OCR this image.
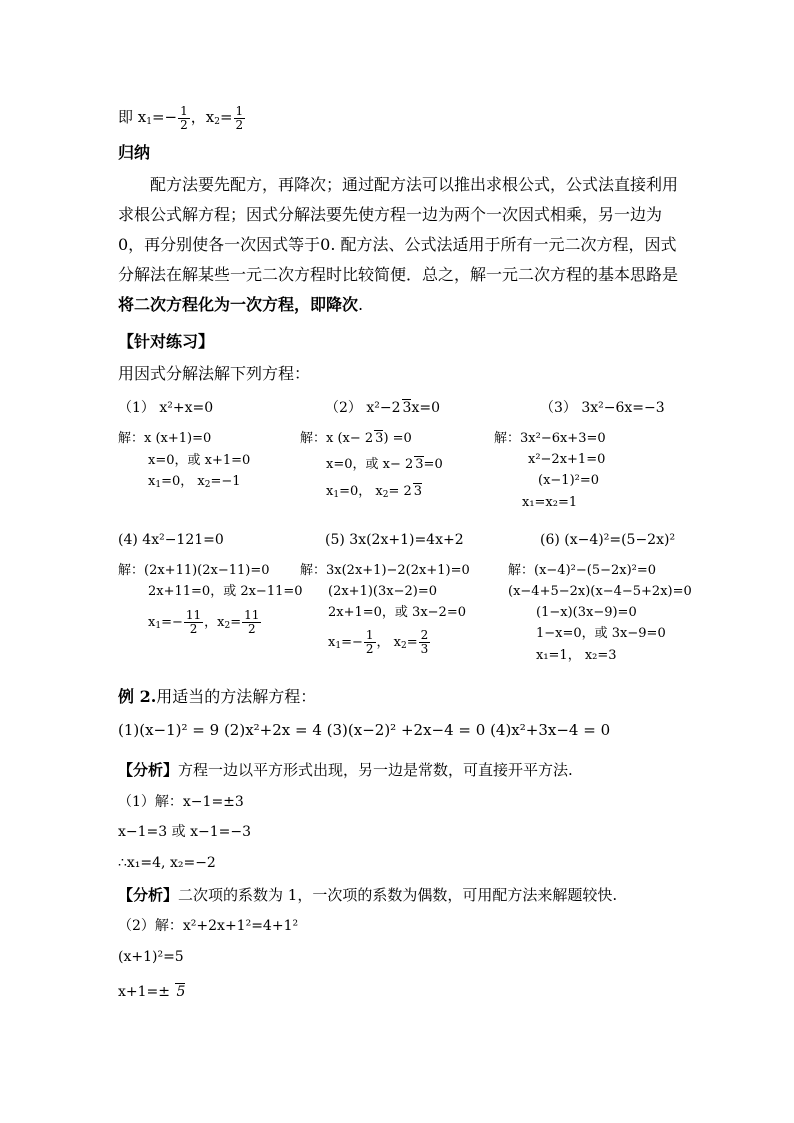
即 $x_1=- \frac{1}{2}$ ，$x_2= \frac{1}{2}$
归纳
配方法要先配方，再降次；通过配方法可以推出求根公式，公式法直接利用求根公式解方程；因式分解法要先使方程一边为两个一次因式相乘，另一边为0，再分别使各一次因式等于0. 配方法、公式法适用于所有一元二次方程，因式分解法在解某些一元二次方程时比较简便．总之，解一元二次方程的基本思路是将二次方程化为一次方程，即降次.
【针对练习】
用因式分解法解下列方程：
（1） x²+x=0
解：x (x+1)=0
x=0，或 x+1=0
$x_1=0$， $x_2=-1$
（2） x²−2 3x=0
解：x (x− 2 3) =0
x=0，或 x− 2 3=0
$x_1=0$， $x_2= 2$ 3
（3） 3x²−6x=−3
解：3x²−6x+3=0
x²−2x+1=0
(x−1)²=0
x₁=x₂=1
(4) 4x²−121=0
解：(2x+11)(2x−11)=0
2x+11=0，或 2x−11=0
$x_1=- \frac{11}{2}$ ，$x_2= \frac{11}{2}$
(5) 3x(2x+1)=4x+2
解：3x(2x+1)−2(2x+1)=0
(2x+1)(3x−2)=0
2x+1=0，或 3x−2=0
$x_1=- \frac{1}{2}$ ， $x_2= \frac{2}{3}$
(6) (x−4)²=(5−2x)²
解：(x−4)²−(5−2x)²=0
(x−4+5−2x)(x−4−5+2x)=0
(1−x)(3x−9)=0
1−x=0，或 3x−9=0
x₁=1， x₂=3
例 2.用适当的方法解方程：
(1)(x−1)² = 9 (2)x²+2x = 4 (3)(x−2)² +2x−4 = 0 (4)x²+3x−4 = 0
【分析】方程一边以平方形式出现，另一边是常数，可直接开平方法.
（1）解：x−1=±3
x−1=3 或 x−1=−3
∴x₁=4, x₂=−2
【分析】二次项的系数为 1，一次项的系数为偶数，可用配方法来解题较快.
（2）解：x²+2x+1²=4+1²
(x+1)²=5
x+1=± 5
